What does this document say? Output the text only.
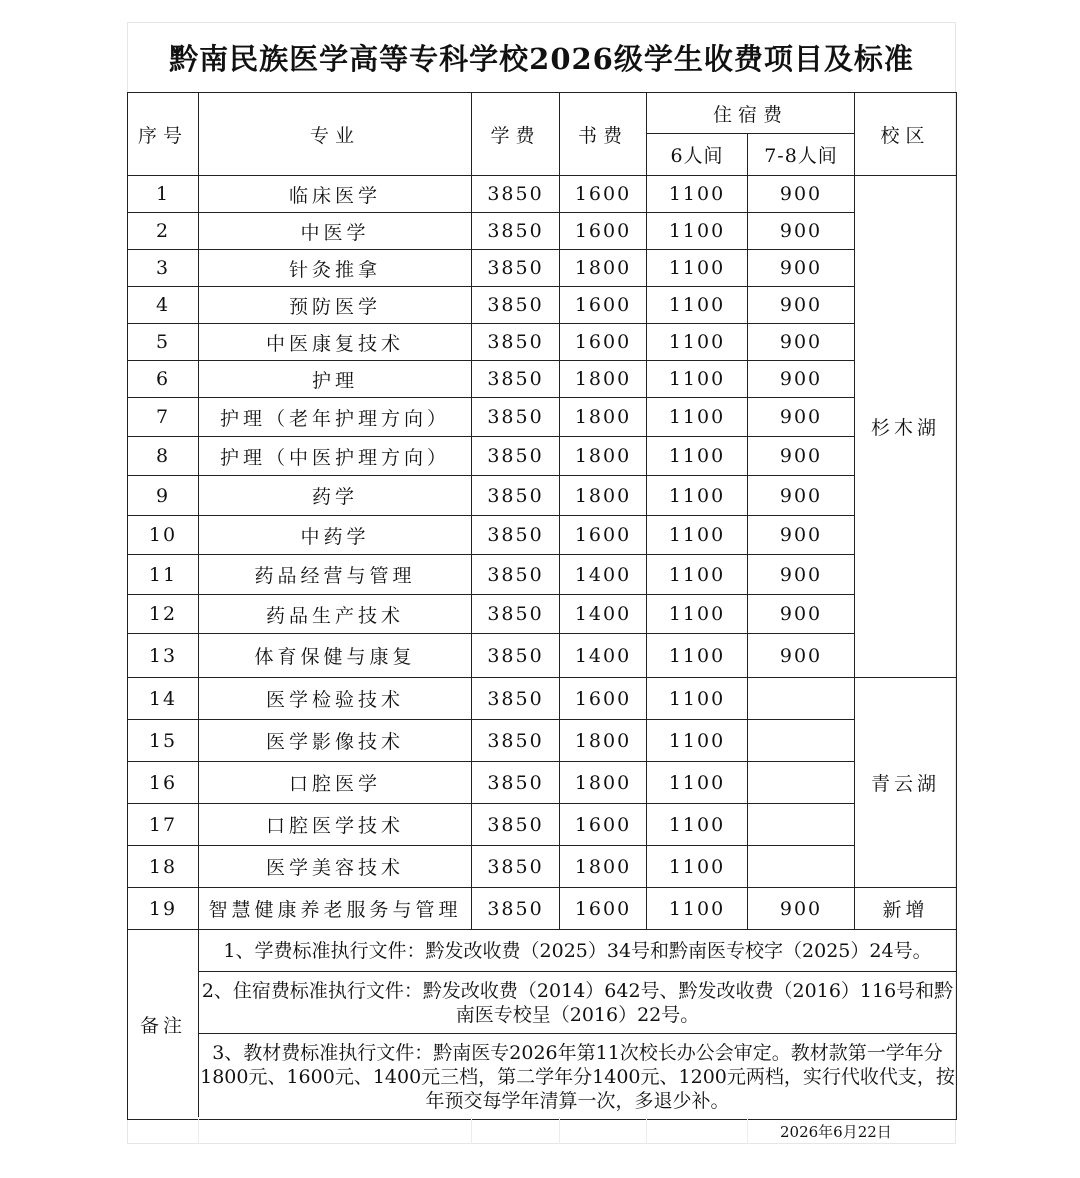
黔南民族医学高等专科学校2026级学生收费项目及标准
序号	专业	学费	书费	住宿费		校区
				6人间	7-8人间	
1	临床医学	3850	1600	1100	900	杉木湖
2	中医学	3850	1600	1100	900	
3	针灸推拿	3850	1800	1100	900	
4	预防医学	3850	1600	1100	900	
5	中医康复技术	3850	1600	1100	900	
6	护理	3850	1800	1100	900	
7	护理（老年护理方向）	3850	1800	1100	900	
8	护理（中医护理方向）	3850	1800	1100	900	
9	药学	3850	1800	1100	900	
10	中药学	3850	1600	1100	900	
11	药品经营与管理	3850	1400	1100	900	
12	药品生产技术	3850	1400	1100	900	
13	体育保健与康复	3850	1400	1100	900	
14	医学检验技术	3850	1600	1100		青云湖
15	医学影像技术	3850	1800	1100		
16	口腔医学	3850	1800	1100		
17	口腔医学技术	3850	1600	1100		
18	医学美容技术	3850	1800	1100		
19	智慧健康养老服务与管理	3850	1600	1100	900	新增
备注	1、学费标准执行文件：黔发改收费（2025）34号和黔南医专校字（2025）24号。					
	2、住宿费标准执行文件：黔发改收费（2014）642号、黔发改收费（2016）116号和黔南医专校呈（2016）22号。					
	3、教材费标准执行文件：黔南医专2026年第11次校长办公会审定。教材款第一学年分1800元、1600元、1400元三档，第二学年分1400元、1200元两档，实行代收代支，按年预交每学年清算一次，多退少补。					
2026年6月22日
